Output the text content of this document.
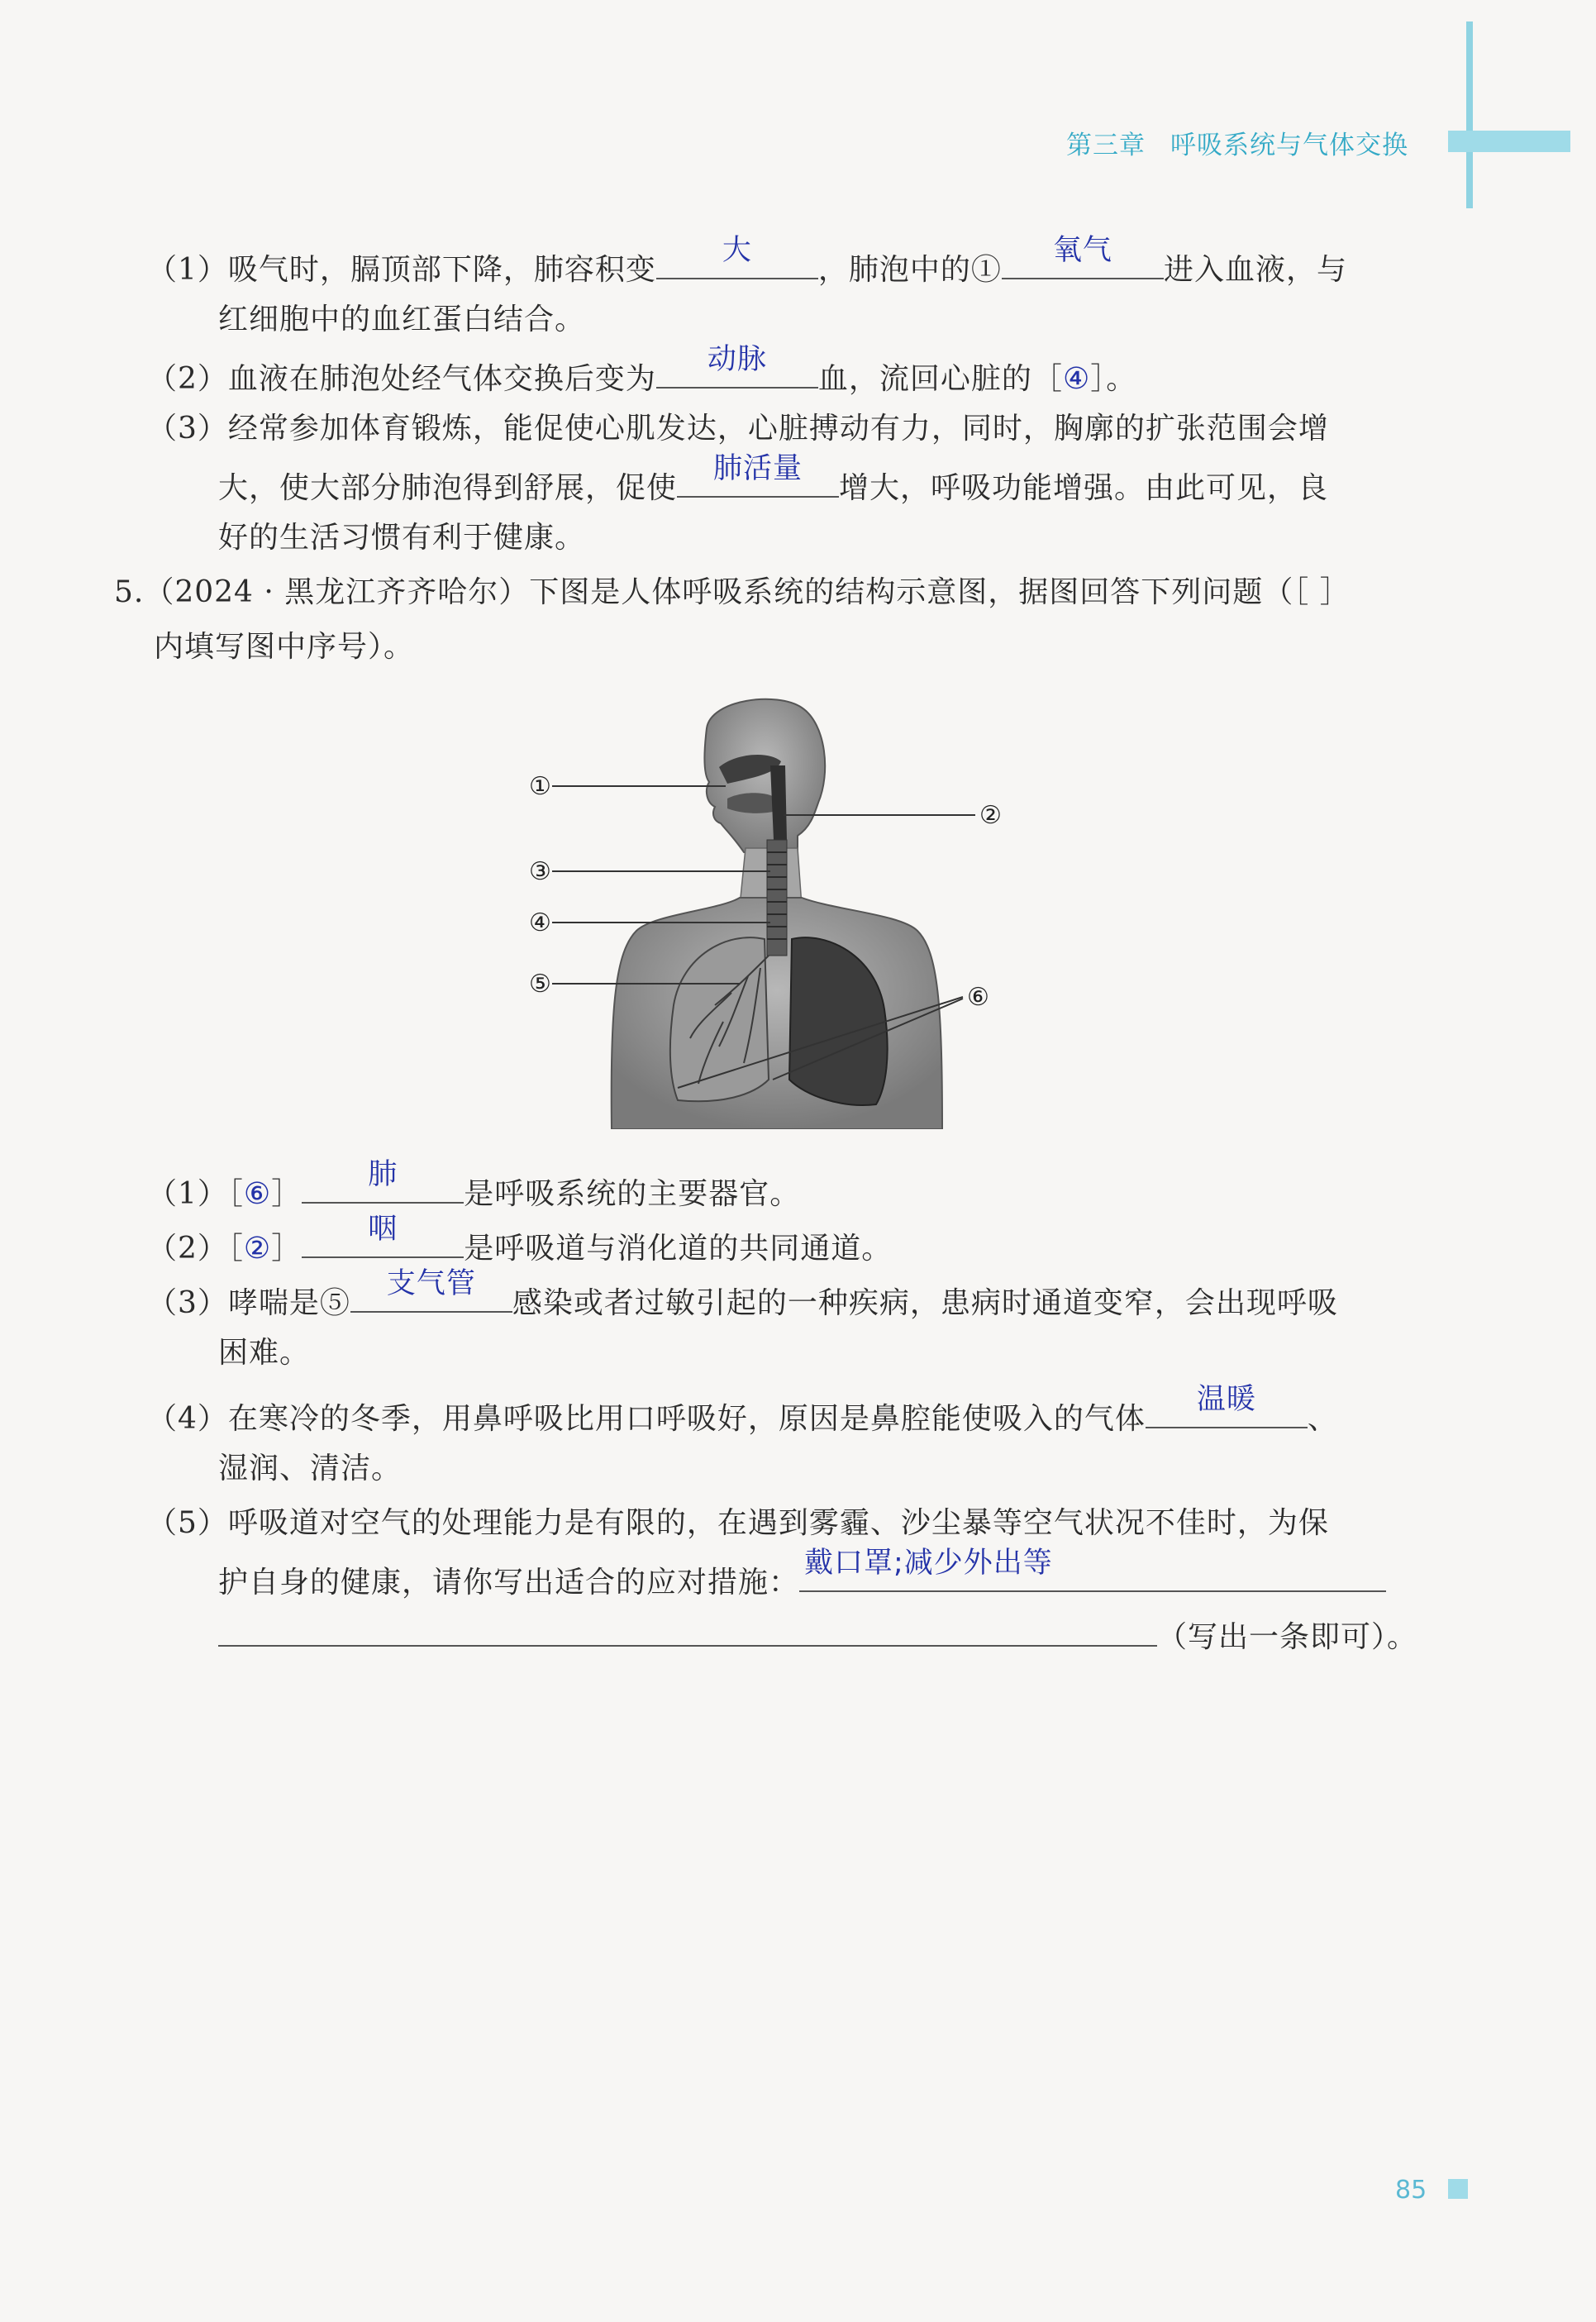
第三章 呼吸系统与气体交换
（1）吸气时，膈顶部下降，肺容积变
大
，肺泡中的①
氧气
进入血液，与
红细胞中的血红蛋白结合。
（2）血液在肺泡处经气体交换后变为
动脉
血，流回心脏的［④］。
（3）经常参加体育锻炼，能促使心肌发达，心脏搏动有力，同时，胸廓的扩张范围会增
大，使大部分肺泡得到舒展，促使
肺活量
增大，呼吸功能增强。由此可见，良
好的生活习惯有利于健康。
5.（2024 · 黑龙江齐齐哈尔）下图是人体呼吸系统的结构示意图，据图回答下列问题（［ ］
内填写图中序号）。
①
②
③
④
⑤	⑥
（1）［⑥］
肺
是呼吸系统的主要器官。
（2）［②］
咽
是呼吸道与消化道的共同通道。
（3）哮喘是⑤
支气管
感染或者过敏引起的一种疾病，患病时通道变窄，会出现呼吸
困难。
（4）在寒冷的冬季，用鼻呼吸比用口呼吸好，原因是鼻腔能使吸入的气体
温暖
、
湿润、清洁。
（5）呼吸道对空气的处理能力是有限的，在遇到雾霾、沙尘暴等空气状况不佳时，为保
护自身的健康，请你写出适合的应对措施：
戴口罩;减少外出等
（写出一条即可）。
85
